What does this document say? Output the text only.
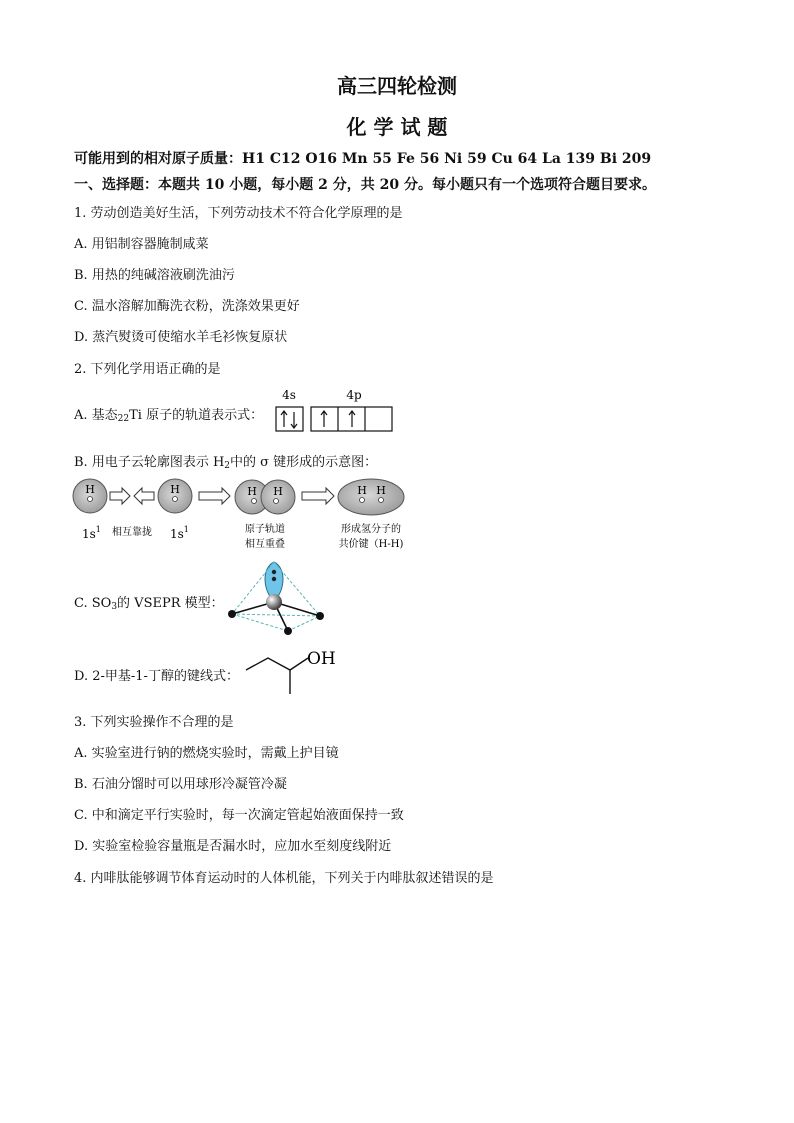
高三四轮检测
化 学 试 题
可能用到的相对原子质量：H1 C12 O16 Mn 55 Fe 56 Ni 59 Cu 64 La 139 Bi 209
一、选择题：本题共 10 小题，每小题 2 分，共 20 分。每小题只有一个选项符合题目要求。
1. 劳动创造美好生活，下列劳动技术不符合化学原理的是
A. 用铝制容器腌制咸菜
B. 用热的纯碱溶液刷洗油污
C. 温水溶解加酶洗衣粉，洗涤效果更好
D. 蒸汽熨烫可使缩水羊毛衫恢复原状
2. 下列化学用语正确的是
A. 基态$_{22}$Ti 原子的轨道表示式：
4s	4p
B. 用电子云轮廓图表示 $H_2$中的 σ 键形成的示意图：
H	H	H H	H H
$1s^1$ 相互靠拢 $1s^1$	原子轨道
相互重叠
形成氢分子的
共价键（H-H)
C. $SO_3$的 VSEPR 模型：
D. 2-甲基-1-丁醇的键线式：
OH
3. 下列实验操作不合理的是
A. 实验室进行钠的燃烧实验时，需戴上护目镜
B. 石油分馏时可以用球形冷凝管冷凝
C. 中和滴定平行实验时，每一次滴定管起始液面保持一致
D. 实验室检验容量瓶是否漏水时，应加水至刻度线附近
4. 内啡肽能够调节体育运动时的人体机能，下列关于内啡肽叙述错误的是
